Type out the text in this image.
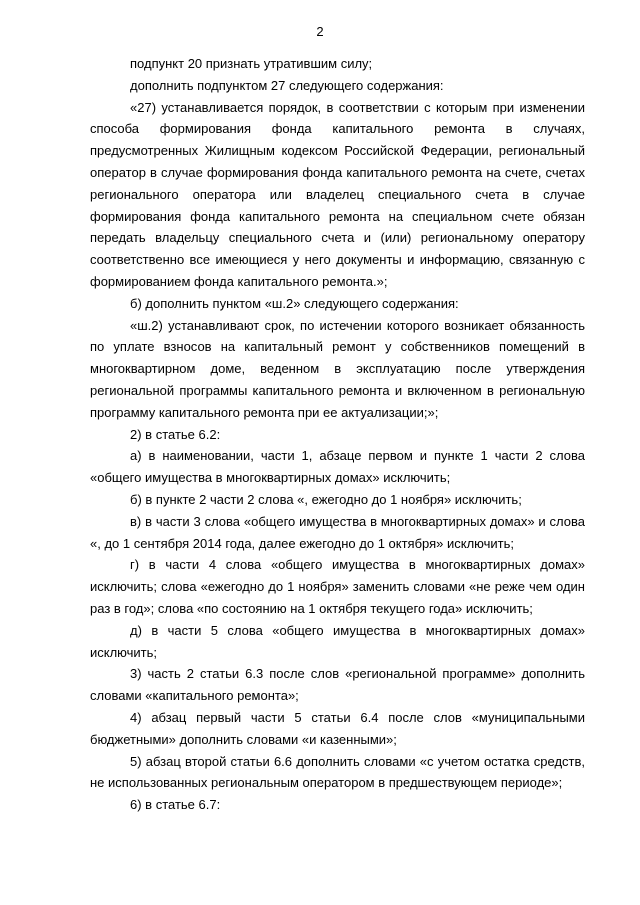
2

подпункт 20 признать утратившим силу;

дополнить подпунктом 27 следующего содержания:

«27) устанавливается порядок, в соответствии с которым при изменении способа формирования фонда капитального ремонта в случаях, предусмотренных Жилищным кодексом Российской Федерации, региональный оператор в случае формирования фонда капитального ремонта на счете, счетах регионального оператора или владелец специального счета в случае формирования фонда капитального ремонта на специальном счете обязан передать владельцу специального счета и (или) региональному оператору соответственно все имеющиеся у него документы и информацию, связанную с формированием фонда капитального ремонта.»;

б) дополнить пунктом «ш.2» следующего содержания:

«ш.2) устанавливают срок, по истечении которого возникает обязанность по уплате взносов на капитальный ремонт у собственников помещений в многоквартирном доме, веденном в эксплуатацию после утверждения региональной программы капитального ремонта и включенном в региональную программу капитального ремонта при ее актуализации;»;

2) в статье 6.2:

а) в наименовании, части 1, абзаце первом и пункте 1 части 2 слова «общего имущества в многоквартирных домах» исключить;

б) в пункте 2 части 2 слова «, ежегодно до 1 ноября» исключить;

в) в части 3 слова «общего имущества в многоквартирных домах» и слова «, до 1 сентября 2014 года, далее ежегодно до 1 октября» исключить;

г) в части 4 слова «общего имущества в многоквартирных домах» исключить; слова «ежегодно до 1 ноября» заменить словами «не реже чем один раз в год»; слова «по состоянию на 1 октября текущего года» исключить;

д) в части 5 слова «общего имущества в многоквартирных домах» исключить;

3) часть 2 статьи 6.3 после слов «региональной программе» дополнить словами «капитального ремонта»;

4) абзац первый части 5 статьи 6.4 после слов «муниципальными бюджетными» дополнить словами «и казенными»;

5) абзац второй статьи 6.6 дополнить словами «с учетом остатка средств, не использованных региональным оператором в предшествующем периоде»;

6) в статье 6.7:
